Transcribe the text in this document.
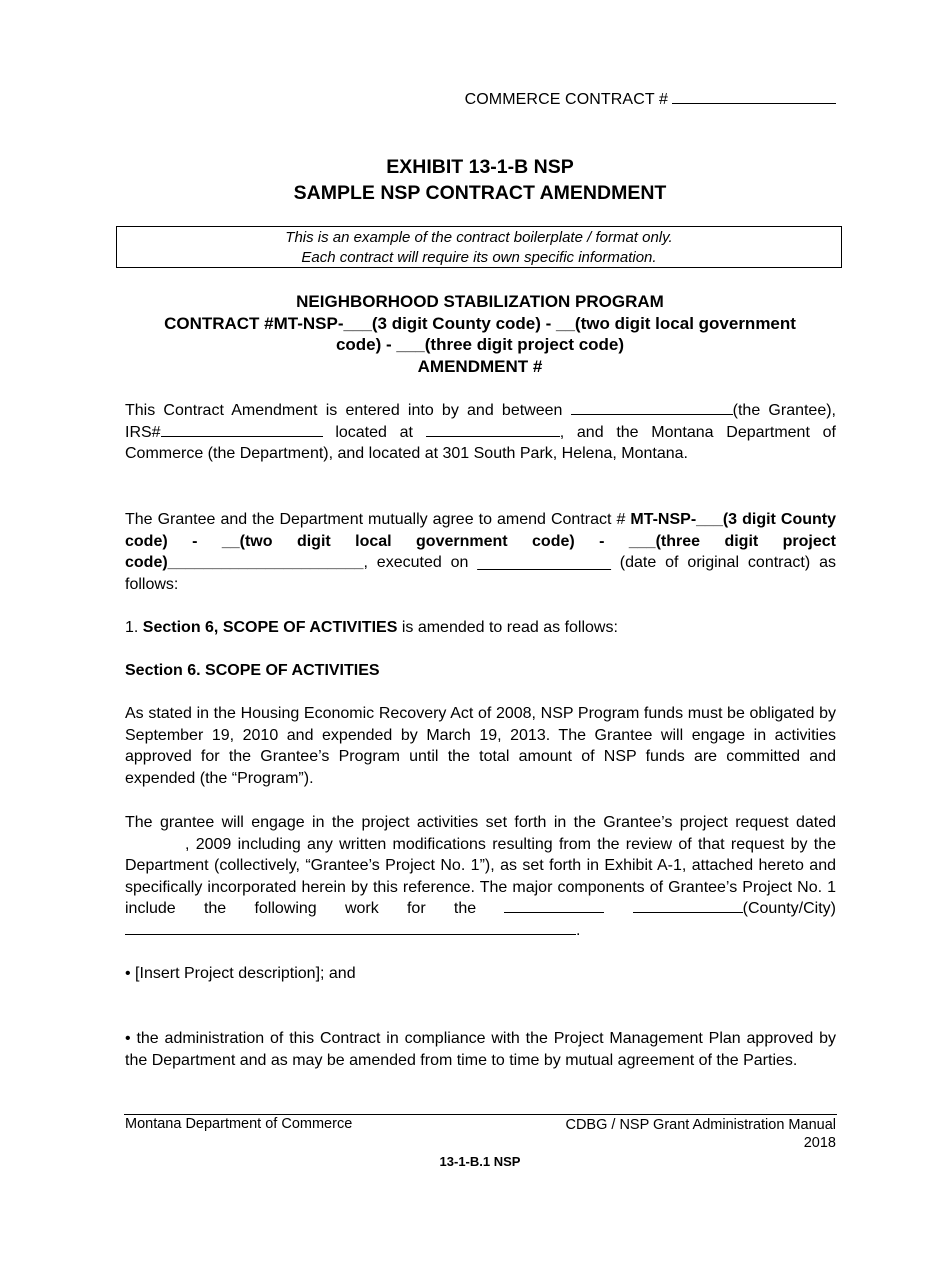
COMMERCE CONTRACT #
EXHIBIT 13-1-B NSP
SAMPLE NSP CONTRACT AMENDMENT
This is an example of the contract boilerplate / format only.
Each contract will require its own specific information.
NEIGHBORHOOD STABILIZATION PROGRAM
CONTRACT #MT-NSP-___(3 digit County code) - __(two digit local government
code) - ___(three digit project code)
AMENDMENT #
This Contract Amendment is entered into by and between	(the Grantee), IRS#	located at	, and the Montana Department of Commerce (the Department), and located at 301 South Park, Helena, Montana.
The Grantee and the Department mutually agree to amend Contract # MT-NSP-___(3 digit County code) - __(two digit local government code) - ___(three digit project code)______________________, executed on _______________ (date of original contract) as follows:
1. Section 6, SCOPE OF ACTIVITIES is amended to read as follows:
Section 6. SCOPE OF ACTIVITIES
As stated in the Housing Economic Recovery Act of 2008, NSP Program funds must be obligated by September 19, 2010 and expended by March 19, 2013. The Grantee will engage in activities approved for the Grantee’s Program until the total amount of NSP funds are committed and expended (the “Program”).
The grantee will engage in the project activities set forth in the Grantee’s project request dated , 2009 including any written modifications resulting from the review of that request by the Department (collectively, “Grantee’s Project No. 1”), as set forth in Exhibit A-1, attached hereto and specifically incorporated herein by this reference. The major components of Grantee’s Project No. 1 include the following work for the	(County/City).
• [Insert Project description]; and
• the administration of this Contract in compliance with the Project Management Plan approved by the Department and as may be amended from time to time by mutual agreement of the Parties.
Montana Department of Commerce	CDBG / NSP Grant Administration Manual
2018
13-1-B.1 NSP
